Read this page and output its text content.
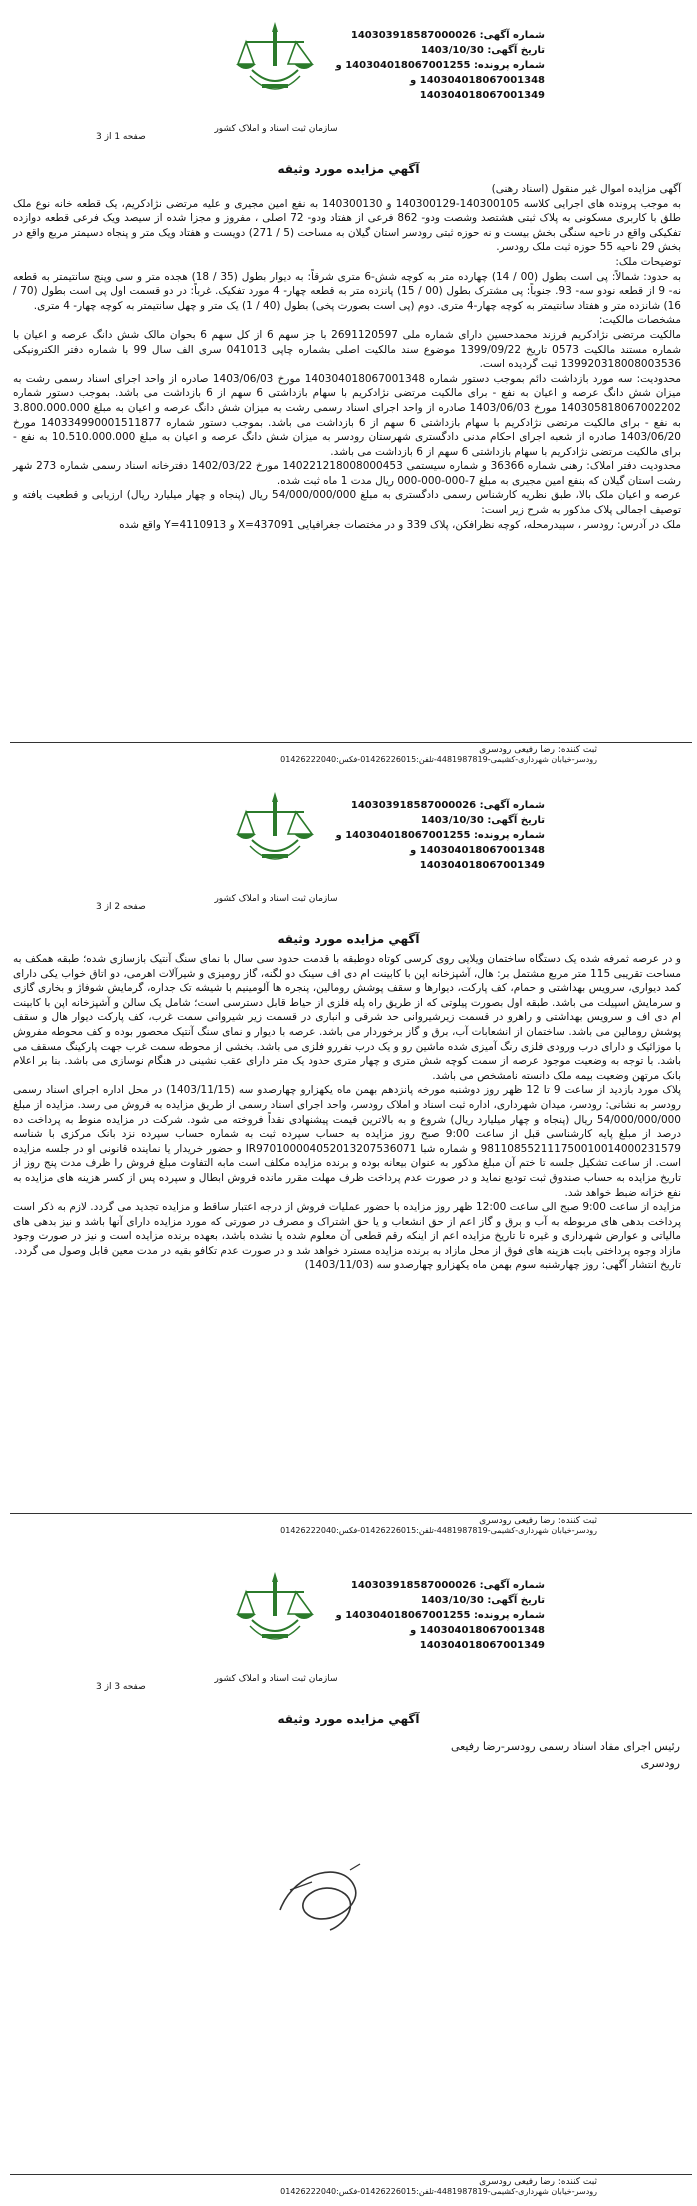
سازمان ثبت اسناد و املاک کشور
شماره آگهی: 140303918587000026
تاریخ آگهی: 1403/10/30
شماره پرونده: 140304018067001255 و
140304018067001348 و
140304018067001349
صفحه 1 از 3
آگهي مزايده مورد وثيقه

آگهی مزایده اموال غیر منقول (اسناد رهنی)

به موجب پرونده های اجرایی کلاسه 140300105-140300129 و 140300130 به نفع امین مجیری و علیه مرتضی نژادکریم، یک قطعه خانه نوع ملک طلق با کاربری مسکونی به پلاک ثبتی هشتصد وشصت ودو- 862 فرعی از هفتاد ودو- 72 اصلی ، مفروز و مجزا شده از سیصد ویک فرعی قطعه دوازده تفکیکی واقع در ناحیه سنگی بخش بیست و نه حوزه ثبتی رودسر استان گیلان به مساحت (5 / 271) دویست و هفتاد ویک متر و پنجاه دسیمتر مربع واقع در بخش 29 ناحیه 55 حوزه ثبت ملک رودسر.

توضیحات ملک:

به حدود: شمالاً: پی است بطول (00 / 14) چهارده متر به کوچه شش-6 متری شرقاً: به دیوار بطول (35 / 18) هجده متر و سی وپنج سانتیمتر به قطعه نه- 9 از قطعه نودو سه- 93. جنوباً: پی مشترک بطول (00 / 15) پانزده متر به قطعه چهار- 4 مورد تفکیک. غرباً: در دو قسمت اول پی است بطول (70 / 16) شانزده متر و هفتاد سانتیمتر به کوچه چهار-4 متری. دوم (پی است بصورت پخی) بطول (40 / 1) یک متر و چهل سانتیمتر به کوچه چهار- 4 متری.

مشخصات مالکیت:

مالکیت مرتضی نژادکریم فرزند محمدحسین دارای شماره ملی 2691120597 با جز سهم 6 از کل سهم 6 بحوان مالک شش دانگ عرصه و اعیان با شماره مستند مالکیت 0573 تاریخ 1399/09/22 موضوع سند مالکیت اصلی بشماره چاپی 041013 سری الف سال 99 با شماره دفتر الکترونیکی 139920318008003536 ثبت گردیده است.

محدودیت: سه مورد بازداشت دائم بموجب دستور شماره 140304018067001348 مورخ 1403/06/03 صادره از واحد اجرای اسناد رسمی رشت به میزان شش دانگ عرصه و اعیان به نفع - برای مالکیت مرتضی نژادکریم با سهام بازداشتی 6 سهم از 6 بازداشت می باشد. بموجب دستور شماره 140305818067002202 مورخ 1403/06/03 صادره از واحد اجرای اسناد رسمی رشت به میزان شش دانگ عرصه و اعیان به مبلغ 3.800.000.000 به نفع - برای مالکیت مرتضی نژادکریم با سهام بازداشتی 6 سهم از 6 بازداشت می باشد. بموجب دستور شماره 140334990001511877 مورخ 1403/06/20 صادره از شعبه اجرای احکام مدنی دادگستری شهرستان رودسر به میزان شش دانگ عرصه و اعیان به مبلغ 10.510.000.000 به نفع - برای مالکیت مرتضی نژادکریم با سهام بازداشتی 6 سهم از 6 بازداشت می باشد.

محدودیت دفتر املاک: رهنی شماره 36366 و شماره سیستمی 140221218008000453 مورخ 1402/03/22 دفترخانه اسناد رسمی شماره 273 شهر رشت استان گیلان که بنفع امین مجیری به مبلغ 7-000-000-000 ریال مدت 1 ماه ثبت شده.

عرصه و اعیان ملک بالا، طبق نظریه کارشناس رسمی دادگستری به مبلغ 54/000/000/000 ریال (پنجاه و چهار میلیارد ریال) ارزیابی و قطعیت یافته و توصیف اجمالی پلاک مذکور به شرح زیر است:

ملک در آدرس: رودسر ، سپیدرمحله، کوچه نظرافکن، پلاک 339 و در مختصات جغرافیایی X=437091 و Y=4110913 واقع شده

ثبت کننده: رضا رفیعی رودسری
رودسر-خیابان شهرداری-کشیمی-4481987819-تلفن:01426226015-فکس:01426222040
سازمان ثبت اسناد و املاک کشور
شماره آگهی: 140303918587000026
تاریخ آگهی: 1403/10/30
شماره پرونده: 140304018067001255 و
140304018067001348 و
140304018067001349
صفحه 2 از 3
آگهي مزايده مورد وثيقه

و در عرصه ثمرفه شده یک دستگاه ساختمان ویلایی روی کرسی کوتاه دوطبقه با قدمت حدود سی سال با نمای سنگ آنتیک بازسازی شده؛ طبقه همکف به مساحت تقریبی 115 متر مربع مشتمل بر: هال، آشپزخانه اپن با کابینت ام دی اف سینک دو لگنه، گاز رومیزی و شیرآلات اهرمی، دو اتاق خواب یکی دارای کمد دیواری، سرویس بهداشتی و حمام، کف پارکت، دیوارها و سقف پوشش رومالین، پنجره ها آلومینیم با شیشه تک جداره، گرمایش شوفاژ و بخاری گازی و سرمایش اسپیلت می باشد. طبقه اول بصورت پیلوتی که از طریق راه پله فلزی از حیاط قابل دسترسی است؛ شامل یک سالن و آشپزخانه اپن با کابینت ام دی اف و سرویس بهداشتی و راهرو در قسمت زیرشیروانی حد شرقی و انباری در قسمت زیر شیروانی سمت غرب، کف پارکت دیوار هال و سقف پوشش رومالین می باشد. ساختمان از انشعابات آب، برق و گاز برخوردار می باشد. عرصه با دیوار و نمای سنگ آنتیک محصور بوده و کف محوطه مفروش با موزائیک و دارای درب ورودی فلزی رنگ آمیزی شده ماشین رو و یک درب نفررو فلزی می باشد. بخشی از محوطه سمت غرب جهت پارکینگ مسقف می باشد. با توجه به وضعیت موجود عرصه از سمت کوچه شش متری و چهار متری حدود یک متر دارای عقب نشینی در هنگام نوسازی می باشد. بنا بر اعلام بانک مرتهن وضعیت بیمه ملک دانسته نامشخص می باشد.

پلاک مورد بازدید از ساعت 9 تا 12 ظهر روز دوشنبه مورخه پانزدهم بهمن ماه یکهزارو چهارصدو سه (1403/11/15) در محل اداره اجرای اسناد رسمی رودسر به نشانی: رودسر، میدان شهرداری، اداره ثبت اسناد و املاک رودسر، واحد اجرای اسناد رسمی از طریق مزایده به فروش می رسد. مزایده از مبلغ 54/000/000/000 ریال (پنجاه و چهار میلیارد ریال) شروع و به بالاترین قیمت پیشنهادی نقداً فروخته می شود. شرکت در مزایده منوط به پرداخت ده درصد از مبلغ پایه کارشناسی قبل از ساعت 9:00 صبح روز مزایده به حساب سپرده ثبت به شماره حساب سپرده نزد بانک مرکزی با شناسه 981108552111750010014000231579 و شماره شبا IR970100004052013207536071 و حضور خریدار یا نماینده قانونی او در جلسه مزایده است. از ساعت تشکیل جلسه تا ختم آن مبلغ مذکور به عنوان بیعانه بوده و برنده مزایده مکلف است مابه التفاوت مبلغ فروش را ظرف مدت پنج روز از تاریخ مزایده به حساب صندوق ثبت تودیع نماید و در صورت عدم پرداخت ظرف مهلت مقرر مانده فروش ابطال و سپرده پس از کسر هزینه های مزایده به نفع خزانه ضبط خواهد شد.

مزایده از ساعت 9:00 صبح الی ساعت 12:00 ظهر روز مزایده با حضور عملیات فروش از درجه اعتبار ساقط و مزایده تجدید می گردد. لازم به ذکر است پرداخت بدهی های مربوطه به آب و برق و گاز اعم از حق انشعاب و یا حق اشتراک و مصرف در صورتی که مورد مزایده دارای آنها باشد و نیز بدهی های مالیاتی و عوارض شهرداری و غیره تا تاریخ مزایده اعم از اینکه رقم قطعی آن معلوم شده یا نشده باشد، بعهده برنده مزایده است و نیز در صورت وجود مازاد وجوه پرداختی بابت هزینه های فوق از محل مازاد به برنده مزایده مسترد خواهد شد و در صورت عدم تکافو بقیه در مدت معین قابل وصول می گردد.

تاریخ انتشار آگهی: روز چهارشنبه سوم بهمن ماه یکهزارو چهارصدو سه (1403/11/03)

ثبت کننده: رضا رفیعی رودسری
رودسر-خیابان شهرداری-کشیمی-4481987819-تلفن:01426226015-فکس:01426222040
سازمان ثبت اسناد و املاک کشور
شماره آگهی: 140303918587000026
تاریخ آگهی: 1403/10/30
شماره پرونده: 140304018067001255 و
140304018067001348 و
140304018067001349
صفحه 3 از 3
آگهي مزايده مورد وثيقه

رئیس اجرای مفاد اسناد رسمی رودسر-رضا رفیعی

رودسری

ثبت کننده: رضا رفیعی رودسری
رودسر-خیابان شهرداری-کشیمی-4481987819-تلفن:01426226015-فکس:01426222040
